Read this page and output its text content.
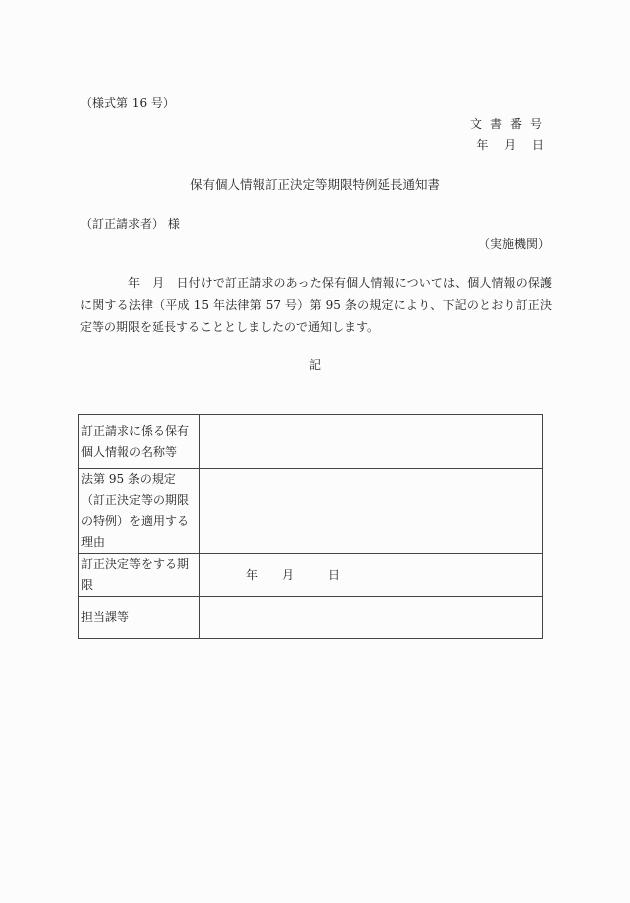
（様式第 16 号）
文書番号
年 月 日
保有個人情報訂正決定等期限特例延長通知書
（訂正請求者） 様
（実施機関）
年　月　日付けで訂正請求のあった保有個人情報については、個人情報の保護に関する法律（平成 15 年法律第 57 号）第 95 条の規定により、下記のとおり訂正決定等の期限を延長することとしましたので通知します。
記
訂正請求に係る保有個人情報の名称等	
法第 95 条の規定（訂正決定等の期限の特例）を適用する理由	
訂正決定等をする期限	年 月 日
担当課等	
